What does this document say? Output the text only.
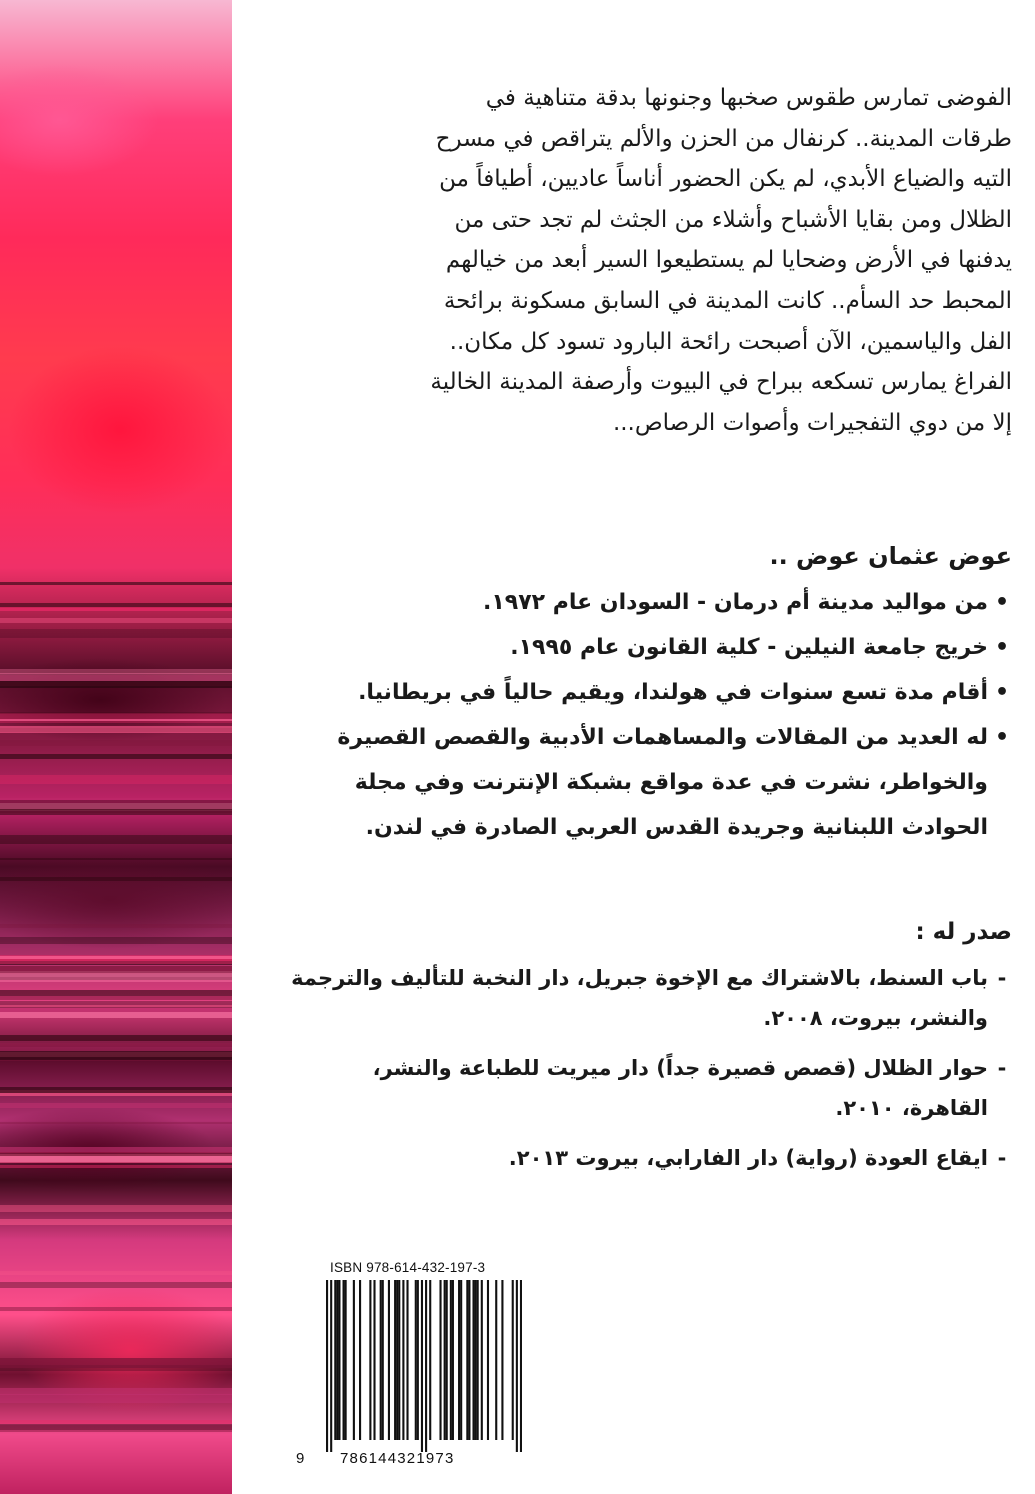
الفوضى تمارس طقوس صخبها وجنونها بدقة متناهية في
طرقات المدينة.. كرنفال من الحزن والألم يتراقص في مسرح
التيه والضياع الأبدي، لم يكن الحضور أناساً عاديين، أطيافاً من
الظلال ومن بقايا الأشباح وأشلاء من الجثث لم تجد حتى من
يدفنها في الأرض وضحايا لم يستطيعوا السير أبعد من خيالهم
المحبط حد السأم.. كانت المدينة في السابق مسكونة برائحة
الفل والياسمين، الآن أصبحت رائحة البارود تسود كل مكان..
الفراغ يمارس تسكعه ببراح في البيوت وأرصفة المدينة الخالية
إلا من دوي التفجيرات وأصوات الرصاص...
عوض عثمان عوض ..
•
من مواليد مدينة أم درمان - السودان عام ١٩٧٢.
•
خريج جامعة النيلين - كلية القانون عام ١٩٩٥.
•
أقام مدة تسع سنوات في هولندا، ويقيم حالياً في بريطانيا.
•
له العديد من المقالات والمساهمات الأدبية والقصص القصيرة والخواطر، نشرت في عدة مواقع بشبكة الإنترنت وفي مجلة الحوادث اللبنانية وجريدة القدس العربي الصادرة في لندن.
صدر له :
-
باب السنط، بالاشتراك مع الإخوة جبريل، دار النخبة للتأليف والترجمة والنشر، بيروت، ٢٠٠٨.
-
حوار الظلال (قصص قصيرة جداً) دار ميريت للطباعة والنشر، القاهرة، ٢٠١٠.
-
ايقاع العودة (رواية) دار الفارابي، بيروت ٢٠١٣.
ISBN 978-614-432-197-3
9 786144321973
